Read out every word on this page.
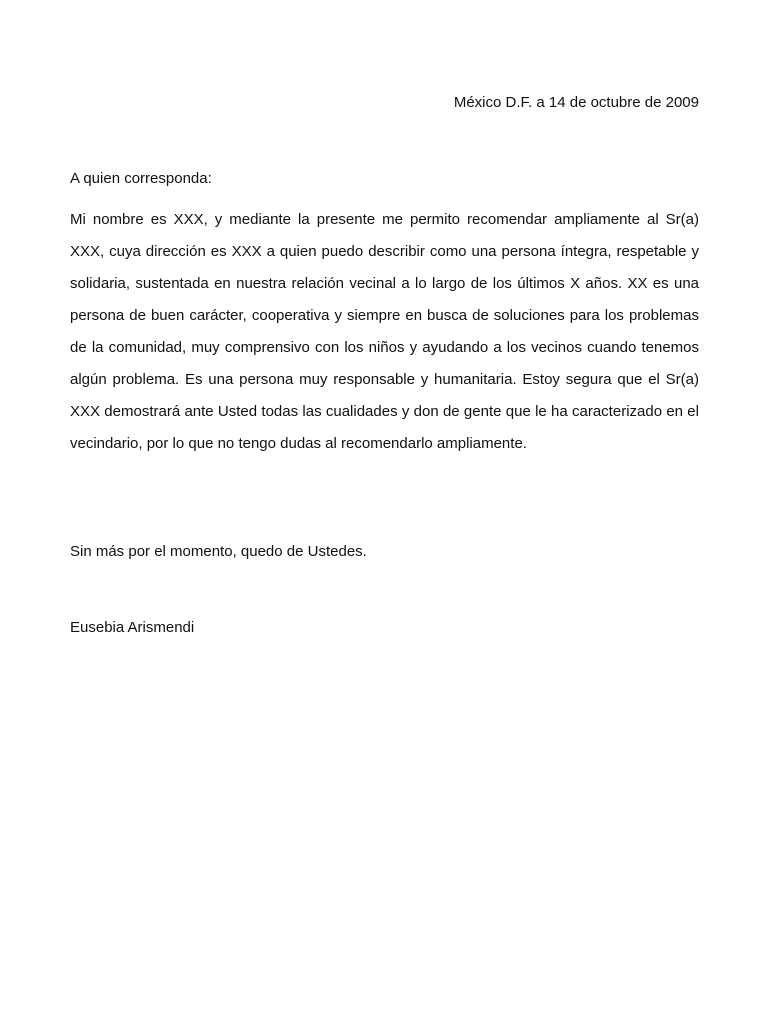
México D.F. a 14 de octubre de 2009
A quien corresponda:

Mi nombre es XXX, y mediante la presente me permito recomendar ampliamente al Sr(a) XXX, cuya dirección es XXX a quien puedo describir como una persona íntegra, respetable y solidaria, sustentada en nuestra relación vecinal a lo largo de los últimos X años. XX es una persona de buen carácter, cooperativa y siempre en busca de soluciones para los problemas de la comunidad, muy comprensivo con los niños y ayudando a los vecinos cuando tenemos algún problema. Es una persona muy responsable y humanitaria. Estoy segura que el Sr(a) XXX demostrará ante Usted todas las cualidades y don de gente que le ha caracterizado en el vecindario, por lo que no tengo dudas al recomendarlo ampliamente.

Sin más por el momento, quedo de Ustedes.
Eusebia Arismendi
